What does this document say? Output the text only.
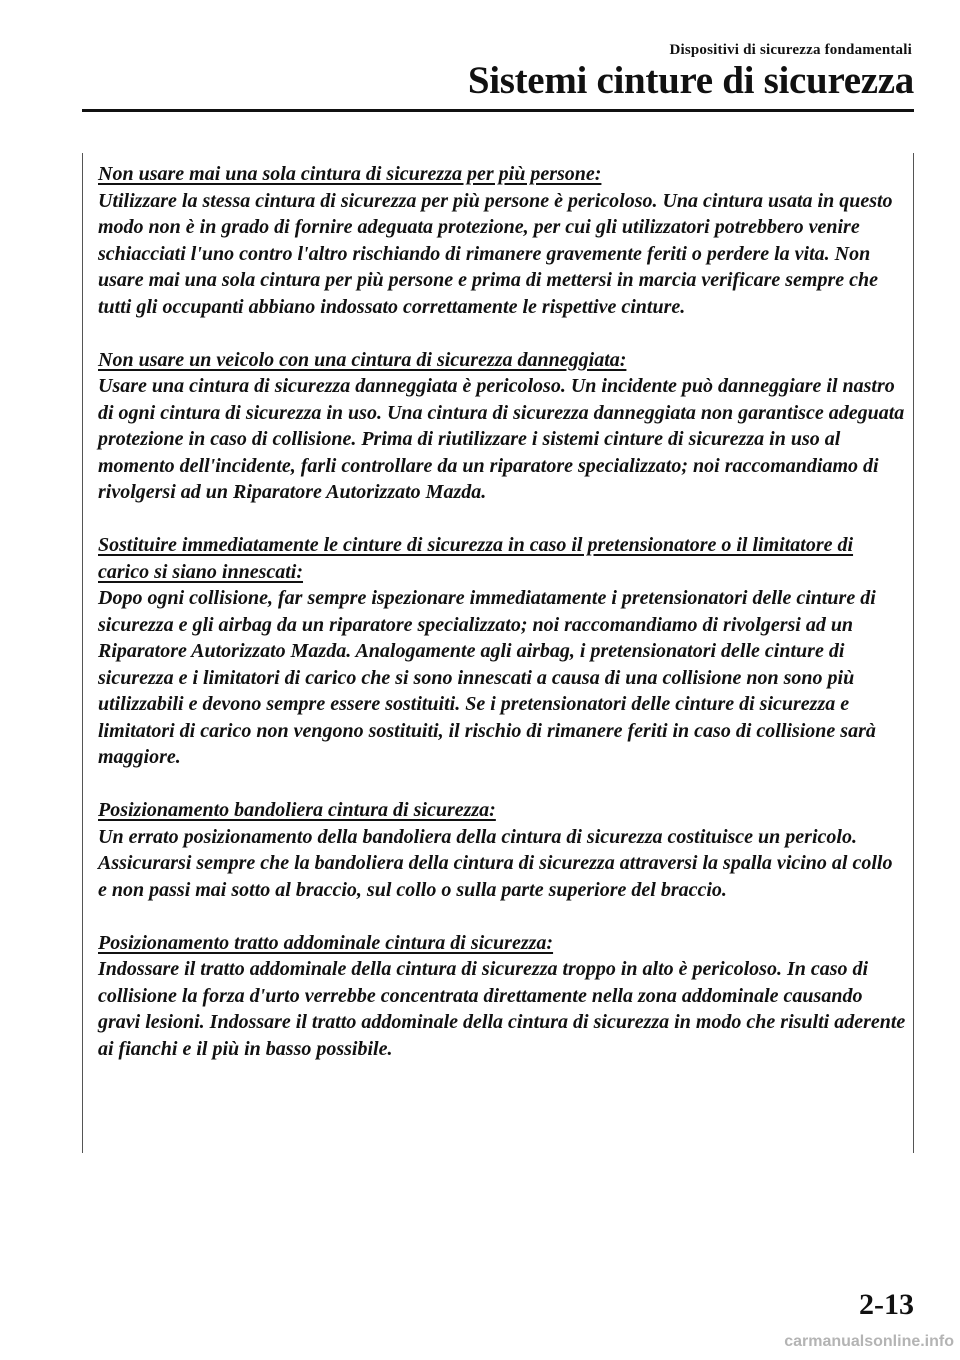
Dispositivi di sicurezza fondamentali
Sistemi cinture di sicurezza
Non usare mai una sola cintura di sicurezza per più persone:

Utilizzare la stessa cintura di sicurezza per più persone è pericoloso. Una cintura usata in questo modo non è in grado di fornire adeguata protezione, per cui gli utilizzatori potrebbero venire schiacciati l'uno contro l'altro rischiando di rimanere gravemente feriti o perdere la vita. Non usare mai una sola cintura per più persone e prima di mettersi in marcia verificare sempre che tutti gli occupanti abbiano indossato correttamente le rispettive cinture.

Non usare un veicolo con una cintura di sicurezza danneggiata:

Usare una cintura di sicurezza danneggiata è pericoloso. Un incidente può danneggiare il nastro di ogni cintura di sicurezza in uso. Una cintura di sicurezza danneggiata non garantisce adeguata protezione in caso di collisione. Prima di riutilizzare i sistemi cinture di sicurezza in uso al momento dell'incidente, farli controllare da un riparatore specializzato; noi raccomandiamo di rivolgersi ad un Riparatore Autorizzato Mazda.

Sostituire immediatamente le cinture di sicurezza in caso il pretensionatore o il limitatore di carico si siano innescati:

Dopo ogni collisione, far sempre ispezionare immediatamente i pretensionatori delle cinture di sicurezza e gli airbag da un riparatore specializzato; noi raccomandiamo di rivolgersi ad un Riparatore Autorizzato Mazda. Analogamente agli airbag, i pretensionatori delle cinture di sicurezza e i limitatori di carico che si sono innescati a causa di una collisione non sono più utilizzabili e devono sempre essere sostituiti. Se i pretensionatori delle cinture di sicurezza e limitatori di carico non vengono sostituiti, il rischio di rimanere feriti in caso di collisione sarà maggiore.

Posizionamento bandoliera cintura di sicurezza:

Un errato posizionamento della bandoliera della cintura di sicurezza costituisce un pericolo. Assicurarsi sempre che la bandoliera della cintura di sicurezza attraversi la spalla vicino al collo e non passi mai sotto al braccio, sul collo o sulla parte superiore del braccio.

Posizionamento tratto addominale cintura di sicurezza:

Indossare il tratto addominale della cintura di sicurezza troppo in alto è pericoloso. In caso di collisione la forza d'urto verrebbe concentrata direttamente nella zona addominale causando gravi lesioni. Indossare il tratto addominale della cintura di sicurezza in modo che risulti aderente ai fianchi e il più in basso possibile.

2-13
carmanualsonline.info
